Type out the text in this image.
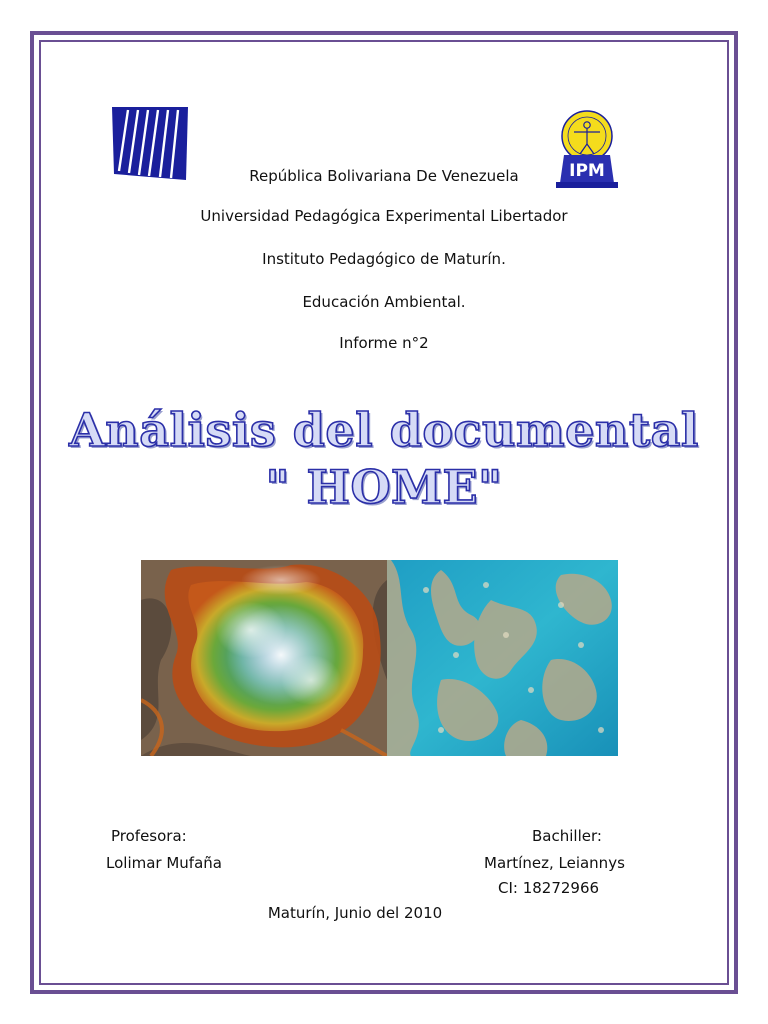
IPM
República Bolivariana De Venezuela
Universidad Pedagógica Experimental Libertador
Instituto Pedagógico de Maturín.
Educación Ambiental.
Informe n°2
Análisis del documental
" HOME"
Profesora:
Lolimar Mufaña
Bachiller:
Martínez, Leiannys
CI: 18272966
Maturín, Junio del 2010
